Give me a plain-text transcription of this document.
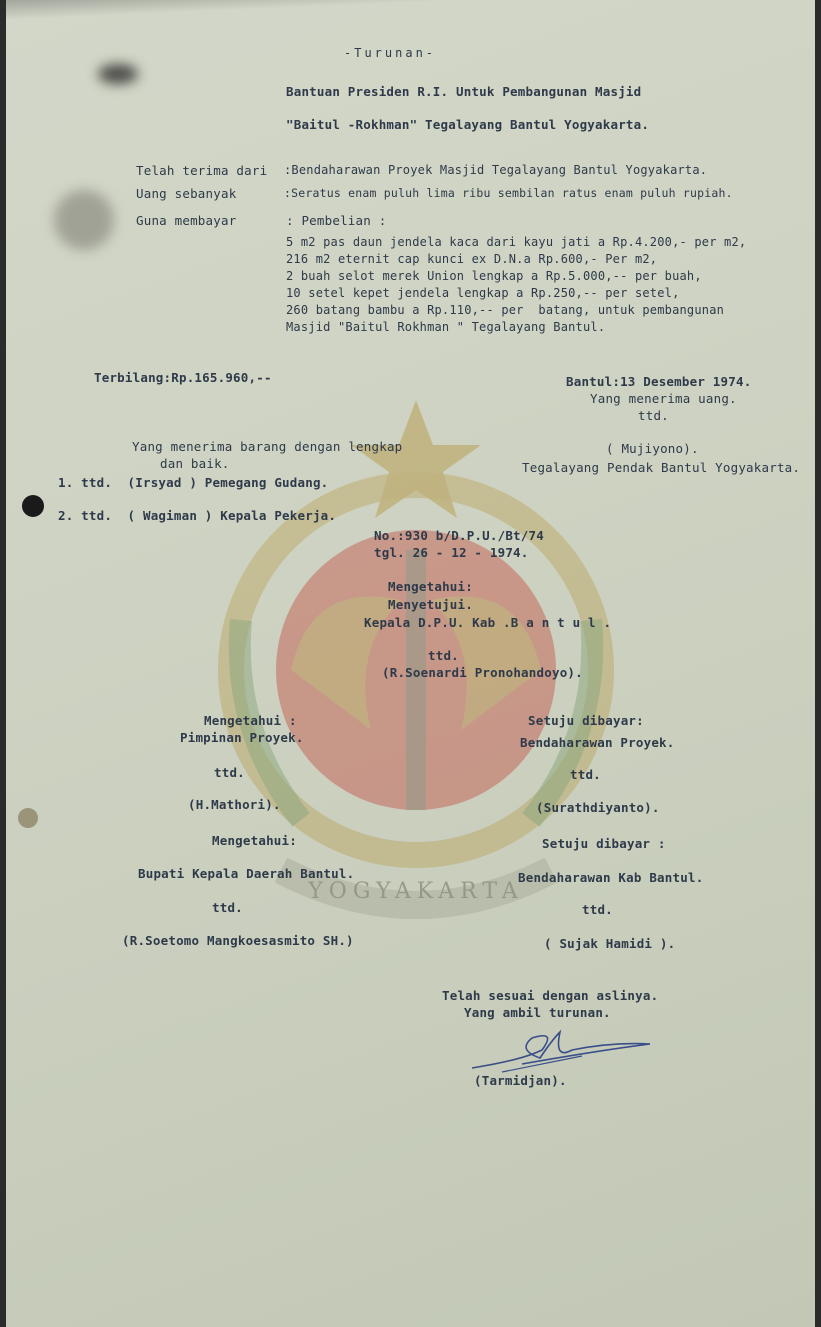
YOGYAKARTA
-Turunan-
Bantuan Presiden R.I. Untuk Pembangunan Masjid
"Baitul -Rokhman" Tegalayang Bantul Yogyakarta.
Telah terima dari :Bendaharawan Proyek Masjid Tegalayang Bantul Yogyakarta.
Uang sebanyak	:Seratus enam puluh lima ribu sembilan ratus enam puluh rupiah.
Guna membayar	: Pembelian :
5 m2 pas daun jendela kaca dari kayu jati a Rp.4.200,- per m2,
216 m2 eternit cap kunci ex D.N.a Rp.600,- Per m2,
2 buah selot merek Union lengkap a Rp.5.000,-- per buah,
10 setel kepet jendela lengkap a Rp.250,-- per setel,
260 batang bambu a Rp.110,-- per  batang, untuk pembangunan
Masjid "Baitul Rokhman " Tegalayang Bantul.
Terbilang:Rp.165.960,--	Bantul:13 Desember 1974.
Yang menerima uang.
ttd.
( Mujiyono).
Tegalayang Pendak Bantul Yogyakarta.
Yang menerima barang dengan lengkap
dan baik.
1. ttd.  (Irsyad ) Pemegang Gudang.
2. ttd.  ( Wagiman ) Kepala Pekerja.
No.:930 b/D.P.U./Bt/74
tgl. 26 - 12 - 1974.
Mengetahui:
Menyetujui.
Kepala D.P.U. Kab .B a n t u l .
ttd.
(R.Soenardi Pronohandoyo).
Mengetahui :
Pimpinan Proyek.
ttd.
(H.Mathori).
Mengetahui:
Bupati Kepala Daerah Bantul.
ttd.
(R.Soetomo Mangkoesasmito SH.)
Setuju dibayar:
Bendaharawan Proyek.
ttd.
(Surathdiyanto).
Setuju dibayar :
Bendaharawan Kab Bantul.
ttd.
( Sujak Hamidi ).
Telah sesuai dengan aslinya.
Yang ambil turunan.
(Tarmidjan).
